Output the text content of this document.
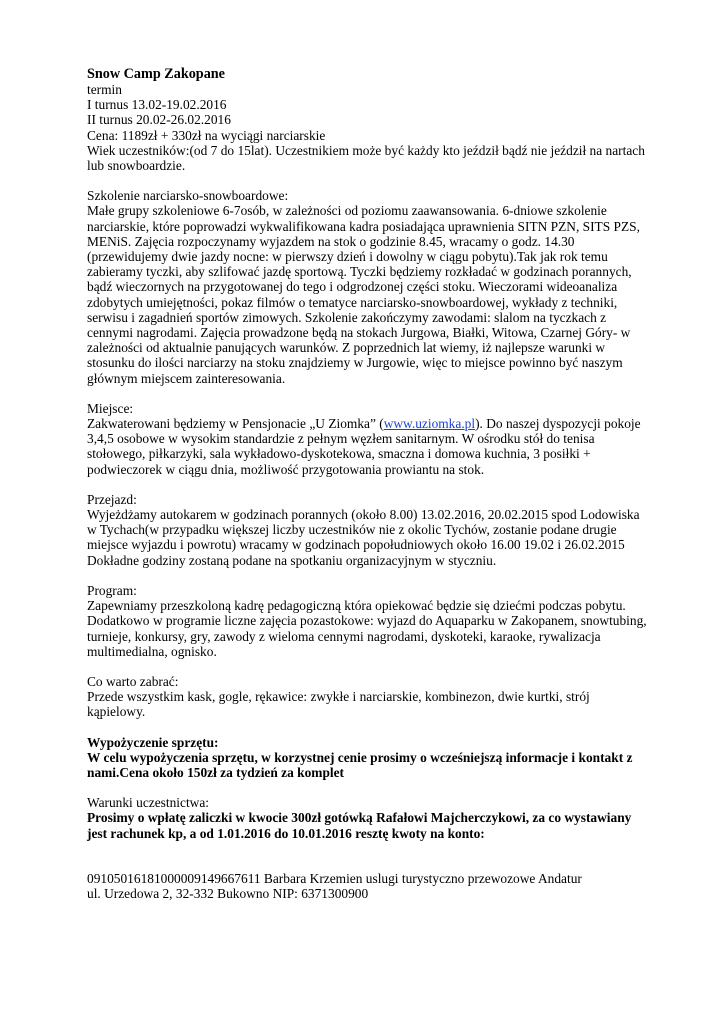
Snow Camp Zakopane

termin

I turnus 13.02-19.02.2016

II turnus 20.02-26.02.2016

Cena: 1189zł + 330zł na wyciągi narciarskie

Wiek uczestników:(od 7 do 15lat). Uczestnikiem może być każdy kto jeździł bądź nie jeździł na nartach lub snowboardzie.

Szkolenie narciarsko-snowboardowe:

Małe grupy szkoleniowe 6-7osób, w zależności od poziomu zaawansowania. 6-dniowe szkolenie narciarskie, które poprowadzi wykwalifikowana kadra posiadająca uprawnienia SITN PZN, SITS PZS, MENiS. Zajęcia rozpoczynamy wyjazdem na stok o godzinie 8.45, wracamy o godz. 14.30 (przewidujemy dwie jazdy nocne: w pierwszy dzień i dowolny w ciągu pobytu).Tak jak rok temu zabieramy tyczki, aby szlifować jazdę sportową. Tyczki będziemy rozkładać w godzinach porannych, bądź wieczornych na przygotowanej do tego i odgrodzonej części stoku. Wieczorami wideoanaliza zdobytych umiejętności, pokaz filmów o tematyce narciarsko-snowboardowej, wykłady z techniki, serwisu i zagadnień sportów zimowych. Szkolenie zakończymy zawodami: slalom na tyczkach z cennymi nagrodami. Zajęcia prowadzone będą na stokach Jurgowa, Białki, Witowa, Czarnej Góry- w zależności od aktualnie panujących warunków. Z poprzednich lat wiemy, iż najlepsze warunki w stosunku do ilości narciarzy na stoku znajdziemy w Jurgowie, więc to miejsce powinno być naszym głównym miejscem zainteresowania.

Miejsce:

Zakwaterowani będziemy w Pensjonacie „U Ziomka” (www.uziomka.pl). Do naszej dyspozycji pokoje 3,4,5 osobowe w wysokim standardzie z pełnym węzłem sanitarnym. W ośrodku stół do tenisa stołowego, piłkarzyki, sala wykładowo-dyskotekowa, smaczna i domowa kuchnia, 3 posiłki + podwieczorek w ciągu dnia, możliwość przygotowania prowiantu na stok.

Przejazd:

Wyjeżdżamy autokarem w godzinach porannych (około 8.00) 13.02.2016, 20.02.2015 spod Lodowiska w Tychach(w przypadku większej liczby uczestników nie z okolic Tychów, zostanie podane drugie miejsce wyjazdu i powrotu) wracamy w godzinach popołudniowych około 16.00 19.02 i 26.02.2015 Dokładne godziny zostaną podane na spotkaniu organizacyjnym w styczniu.

Program:

Zapewniamy przeszkoloną kadrę pedagogiczną która opiekować będzie się dziećmi podczas pobytu. Dodatkowo w programie liczne zajęcia pozastokowe: wyjazd do Aquaparku w Zakopanem, snowtubing, turnieje, konkursy, gry, zawody z wieloma cennymi nagrodami, dyskoteki, karaoke, rywalizacja multimedialna, ognisko.

Co warto zabrać:

Przede wszystkim kask, gogle, rękawice: zwykłe i narciarskie, kombinezon, dwie kurtki, strój kąpielowy.

Wypożyczenie sprzętu:

W celu wypożyczenia sprzętu, w korzystnej cenie prosimy o wcześniejszą informacje i kontakt z nami.Cena około 150zł za tydzień za komplet

Warunki uczestnictwa:

Prosimy o wpłatę zaliczki w kwocie 300zł gotówką Rafałowi Majcherczykowi, za co wystawiany jest rachunek kp, a od 1.01.2016 do 10.01.2016 resztę kwoty na konto:

09105016181000009149667611 Barbara Krzemien uslugi turystyczno przewozowe Andatur

ul. Urzedowa 2, 32-332 Bukowno NIP: 6371300900
